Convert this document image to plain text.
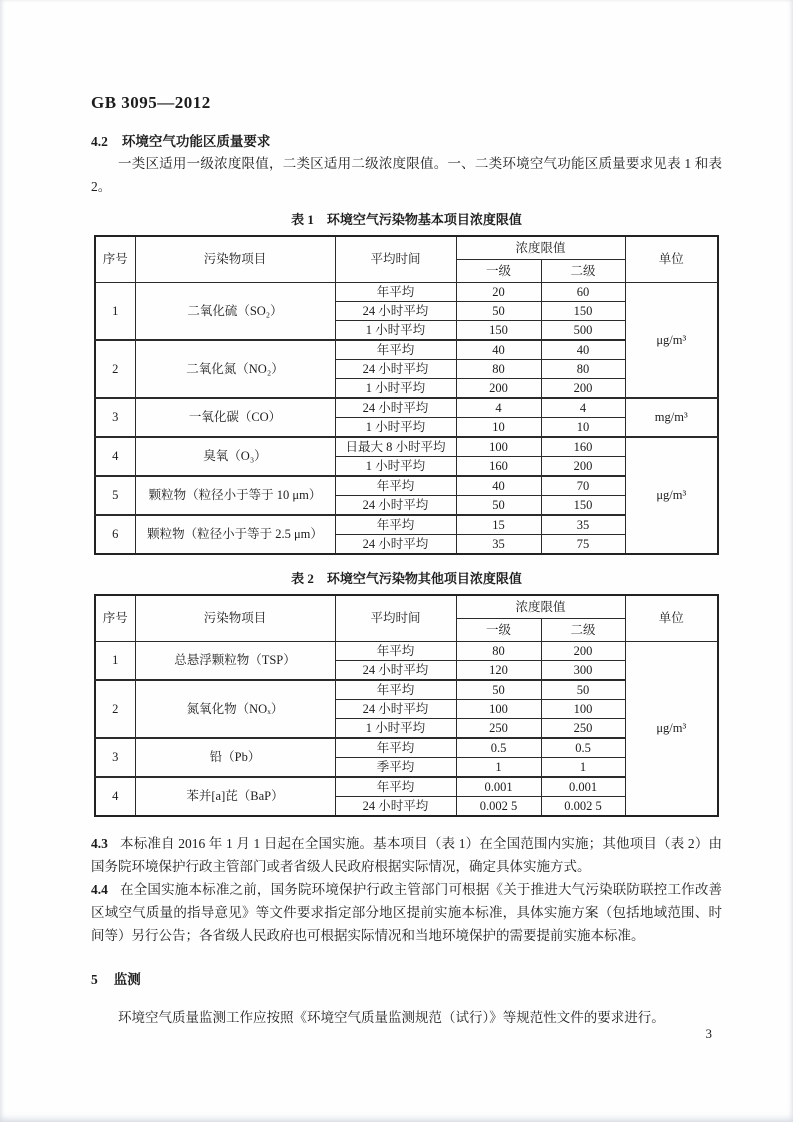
GB 3095—2012
4.2 环境空气功能区质量要求

一类区适用一级浓度限值，二类区适用二级浓度限值。一、二类环境空气功能区质量要求见表 1 和表 2。

表 1　环境空气污染物基本项目浓度限值
序号	污染物项目	平均时间	浓度限值		单位
			一级	二级	
1	二氧化硫（SO₂）	年平均	20	60	μg/m³
		24 小时平均	50	150	
		1 小时平均	150	500	
2	二氧化氮（NO₂）	年平均	40	40	
		24 小时平均	80	80	
		1 小时平均	200	200	
3	一氧化碳（CO）	24 小时平均	4	4	mg/m³
		1 小时平均	10	10	
4	臭氧（O₃）	日最大 8 小时平均	100	160	μg/m³
		1 小时平均	160	200	
5	颗粒物（粒径小于等于 10 μm）	年平均	40	70	
		24 小时平均	50	150	
6	颗粒物（粒径小于等于 2.5 μm）	年平均	15	35	
		24 小时平均	35	75	
表 2　环境空气污染物其他项目浓度限值
序号	污染物项目	平均时间	浓度限值		单位
			一级	二级	
1	总悬浮颗粒物（TSP）	年平均	80	200	μg/m³
		24 小时平均	120	300	
2	氮氧化物（NOₓ）	年平均	50	50	
		24 小时平均	100	100	
		1 小时平均	250	250	
3	铅（Pb）	年平均	0.5	0.5	
		季平均	1	1	
4	苯并[a]芘（BaP）	年平均	0.001	0.001	
		24 小时平均	0.002 5	0.002 5	

4.3 本标准自 2016 年 1 月 1 日起在全国实施。基本项目（表 1）在全国范围内实施；其他项目（表 2）由国务院环境保护行政主管部门或者省级人民政府根据实际情况，确定具体实施方式。

4.4 在全国实施本标准之前，国务院环境保护行政主管部门可根据《关于推进大气污染联防联控工作改善区域空气质量的指导意见》等文件要求指定部分地区提前实施本标准，具体实施方案（包括地域范围、时间等）另行公告；各省级人民政府也可根据实际情况和当地环境保护的需要提前实施本标准。

5 监测

环境空气质量监测工作应按照《环境空气质量监测规范（试行）》等规范性文件的要求进行。

3
